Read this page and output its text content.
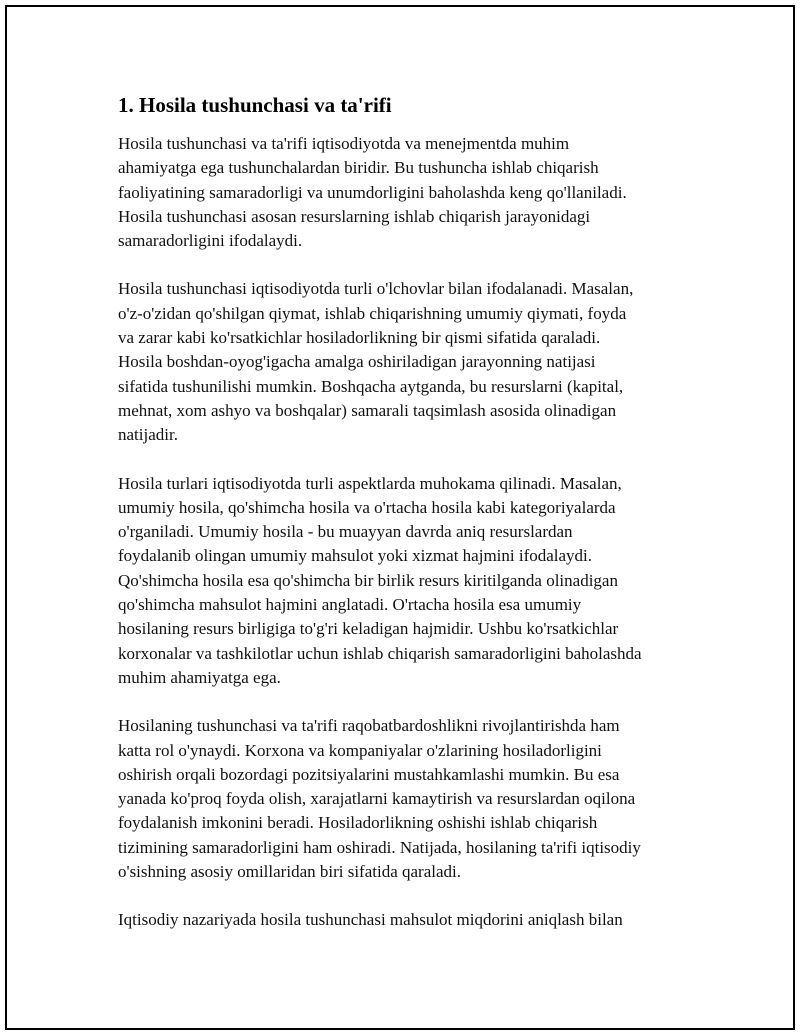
1. Hosila tushunchasi va ta'rifi

Hosila tushunchasi va ta'rifi iqtisodiyotda va menejmentda muhim
ahamiyatga ega tushunchalardan biridir. Bu tushuncha ishlab chiqarish
faoliyatining samaradorligi va unumdorligini baholashda keng qo'llaniladi.
Hosila tushunchasi asosan resurslarning ishlab chiqarish jarayonidagi
samaradorligini ifodalaydi.

Hosila tushunchasi iqtisodiyotda turli o'lchovlar bilan ifodalanadi. Masalan,
o'z-o'zidan qo'shilgan qiymat, ishlab chiqarishning umumiy qiymati, foyda
va zarar kabi ko'rsatkichlar hosiladorlikning bir qismi sifatida qaraladi.
Hosila boshdan-oyog'igacha amalga oshiriladigan jarayonning natijasi
sifatida tushunilishi mumkin. Boshqacha aytganda, bu resurslarni (kapital,
mehnat, xom ashyo va boshqalar) samarali taqsimlash asosida olinadigan
natijadir.

Hosila turlari iqtisodiyotda turli aspektlarda muhokama qilinadi. Masalan,
umumiy hosila, qo'shimcha hosila va o'rtacha hosila kabi kategoriyalarda
o'rganiladi. Umumiy hosila - bu muayyan davrda aniq resurslardan
foydalanib olingan umumiy mahsulot yoki xizmat hajmini ifodalaydi.
Qo'shimcha hosila esa qo'shimcha bir birlik resurs kiritilganda olinadigan
qo'shimcha mahsulot hajmini anglatadi. O'rtacha hosila esa umumiy
hosilaning resurs birligiga to'g'ri keladigan hajmidir. Ushbu ko'rsatkichlar
korxonalar va tashkilotlar uchun ishlab chiqarish samaradorligini baholashda
muhim ahamiyatga ega.

Hosilaning tushunchasi va ta'rifi raqobatbardoshlikni rivojlantirishda ham
katta rol o'ynaydi. Korxona va kompaniyalar o'zlarining hosiladorligini
oshirish orqali bozordagi pozitsiyalarini mustahkamlashi mumkin. Bu esa
yanada ko'proq foyda olish, xarajatlarni kamaytirish va resurslardan oqilona
foydalanish imkonini beradi. Hosiladorlikning oshishi ishlab chiqarish
tizimining samaradorligini ham oshiradi. Natijada, hosilaning ta'rifi iqtisodiy
o'sishning asosiy omillaridan biri sifatida qaraladi.

Iqtisodiy nazariyada hosila tushunchasi mahsulot miqdorini aniqlash bilan
